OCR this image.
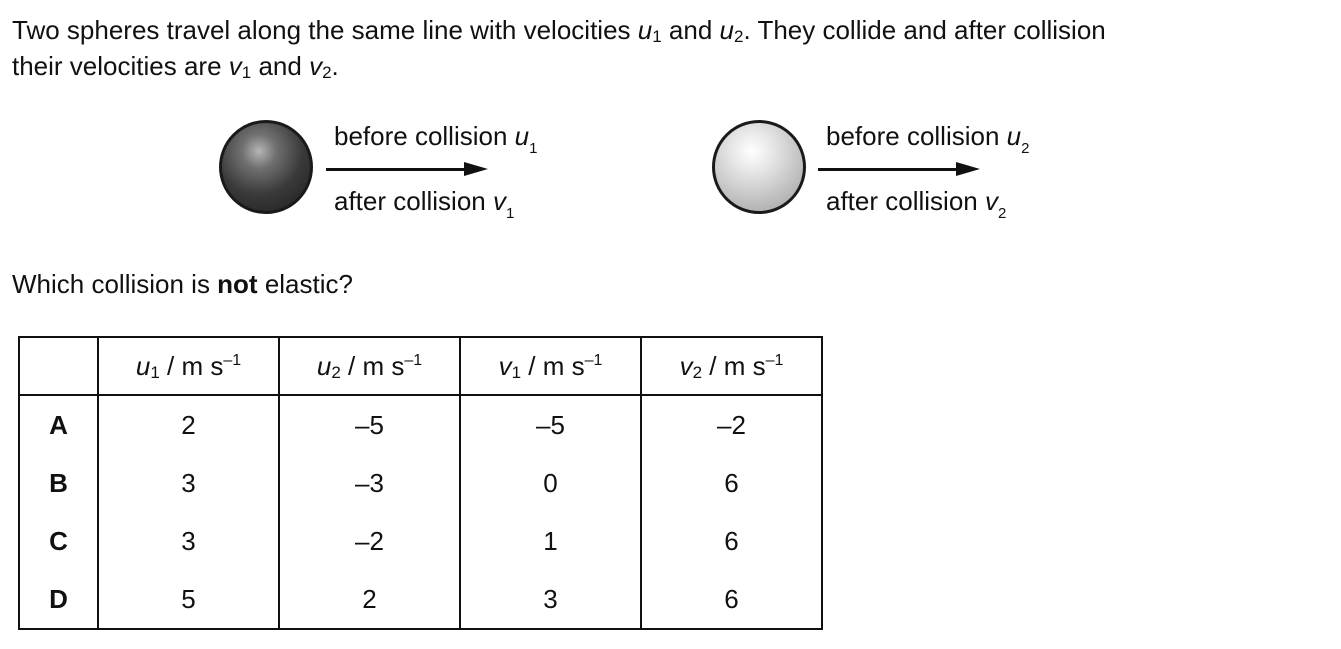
Two spheres travel along the same line with velocities $u_1$ and $u_2$. They collide and after collision
their velocities are $v_1$ and $v_2$.
before collision $u_1$
after collision $v_1$
before collision $u_2$
after collision $v_2$
Which collision is not elastic?
	$u_1$ / m $s^{-1}$	$u_2$ / m $s^{-1}$	$v_1$ / m $s^{-1}$	$v_2$ / m $s^{-1}$
A	2	–5	–5	–2
B	3	–3	0	6
C	3	–2	1	6
D	5	2	3	6
